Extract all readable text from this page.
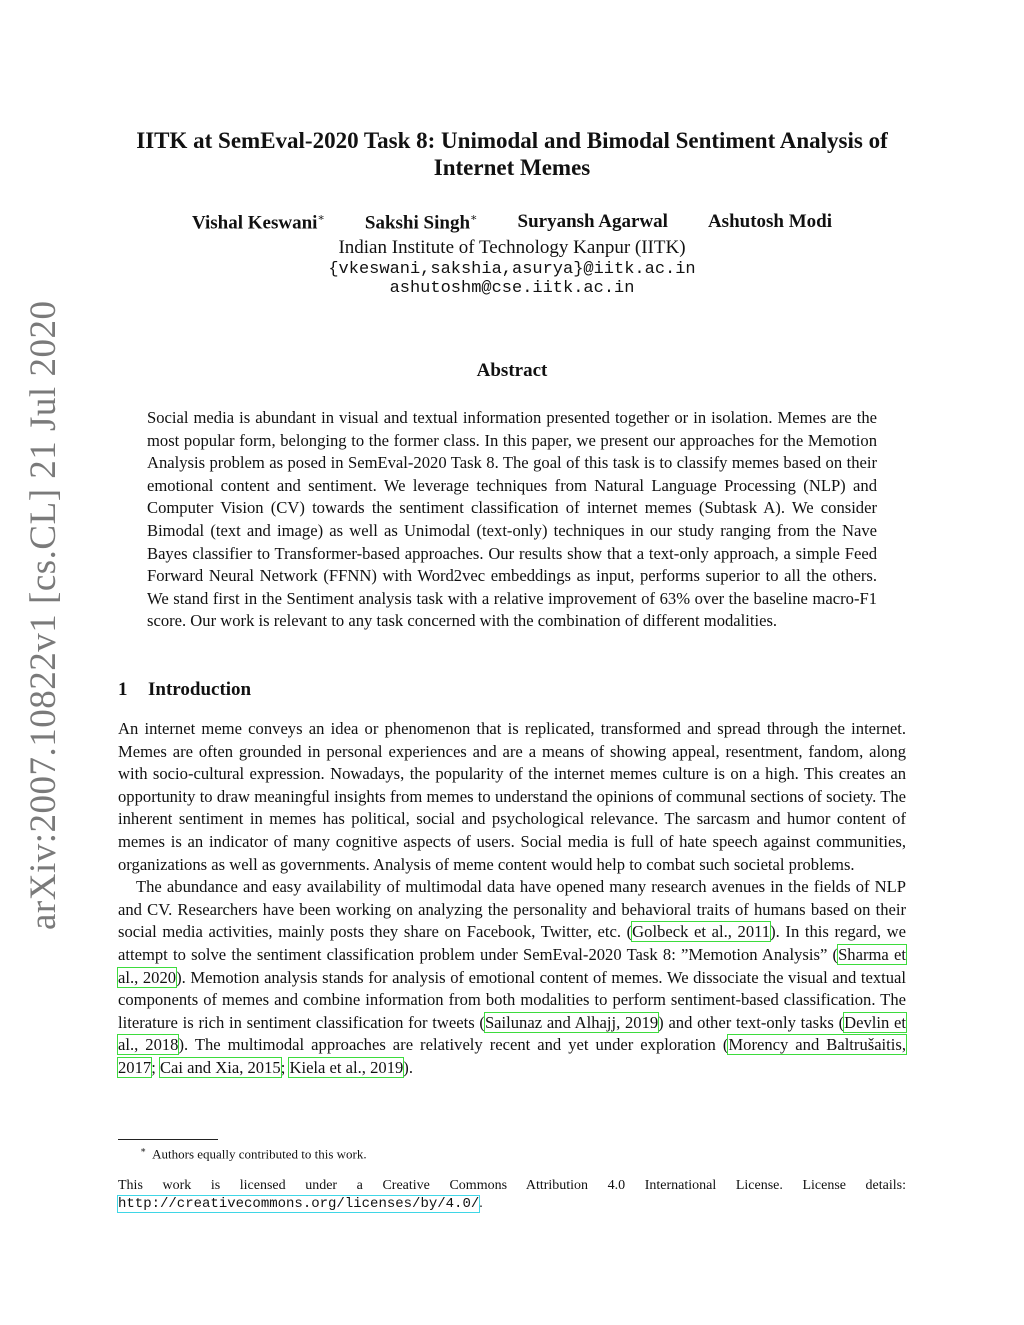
arXiv:2007.10822v1 [cs.CL] 21 Jul 2020
IITK at SemEval-2020 Task 8: Unimodal and Bimodal Sentiment Analysis of Internet Memes
Vishal Keswani∗ Sakshi Singh∗ Suryansh Agarwal Ashutosh Modi
Indian Institute of Technology Kanpur (IITK)
{vkeswani,sakshia,asurya}@iitk.ac.in
ashutoshm@cse.iitk.ac.in
Abstract
Social media is abundant in visual and textual information presented together or in isolation. Memes are the most popular form, belonging to the former class. In this paper, we present our approaches for the Memotion Analysis problem as posed in SemEval-2020 Task 8. The goal of this task is to classify memes based on their emotional content and sentiment. We leverage techniques from Natural Language Processing (NLP) and Computer Vision (CV) towards the sentiment classification of internet memes (Subtask A). We consider Bimodal (text and image) as well as Unimodal (text-only) techniques in our study ranging from the Nave Bayes classifier to Transformer-based approaches. Our results show that a text-only approach, a simple Feed Forward Neural Network (FFNN) with Word2vec embeddings as input, performs superior to all the others. We stand first in the Sentiment analysis task with a relative improvement of 63% over the baseline macro-F1 score. Our work is relevant to any task concerned with the combination of different modalities.
1 Introduction

An internet meme conveys an idea or phenomenon that is replicated, transformed and spread through the internet. Memes are often grounded in personal experiences and are a means of showing appeal, resentment, fandom, along with socio-cultural expression. Nowadays, the popularity of the internet memes culture is on a high. This creates an opportunity to draw meaningful insights from memes to understand the opinions of communal sections of society. The inherent sentiment in memes has political, social and psychological relevance. The sarcasm and humor content of memes is an indicator of many cognitive aspects of users. Social media is full of hate speech against communities, organizations as well as governments. Analysis of meme content would help to combat such societal problems.

The abundance and easy availability of multimodal data have opened many research avenues in the fields of NLP and CV. Researchers have been working on analyzing the personality and behavioral traits of humans based on their social media activities, mainly posts they share on Facebook, Twitter, etc. (Golbeck et al., 2011). In this regard, we attempt to solve the sentiment classification problem under SemEval-2020 Task 8: ”Memotion Analysis” (Sharma et al., 2020). Memotion analysis stands for analysis of emotional content of memes. We dissociate the visual and textual components of memes and combine information from both modalities to perform sentiment-based classification. The literature is rich in sentiment classification for tweets (Sailunaz and Alhajj, 2019) and other text-only tasks (Devlin et al., 2018). The multimodal approaches are relatively recent and yet under exploration (Morency and Baltrušaitis, 2017; Cai and Xia, 2015; Kiela et al., 2019).

∗ Authors equally contributed to this work.
This work is licensed under a Creative Commons Attribution 4.0 International License. License details: http://creativecommons.org/licenses/by/4.0/.
